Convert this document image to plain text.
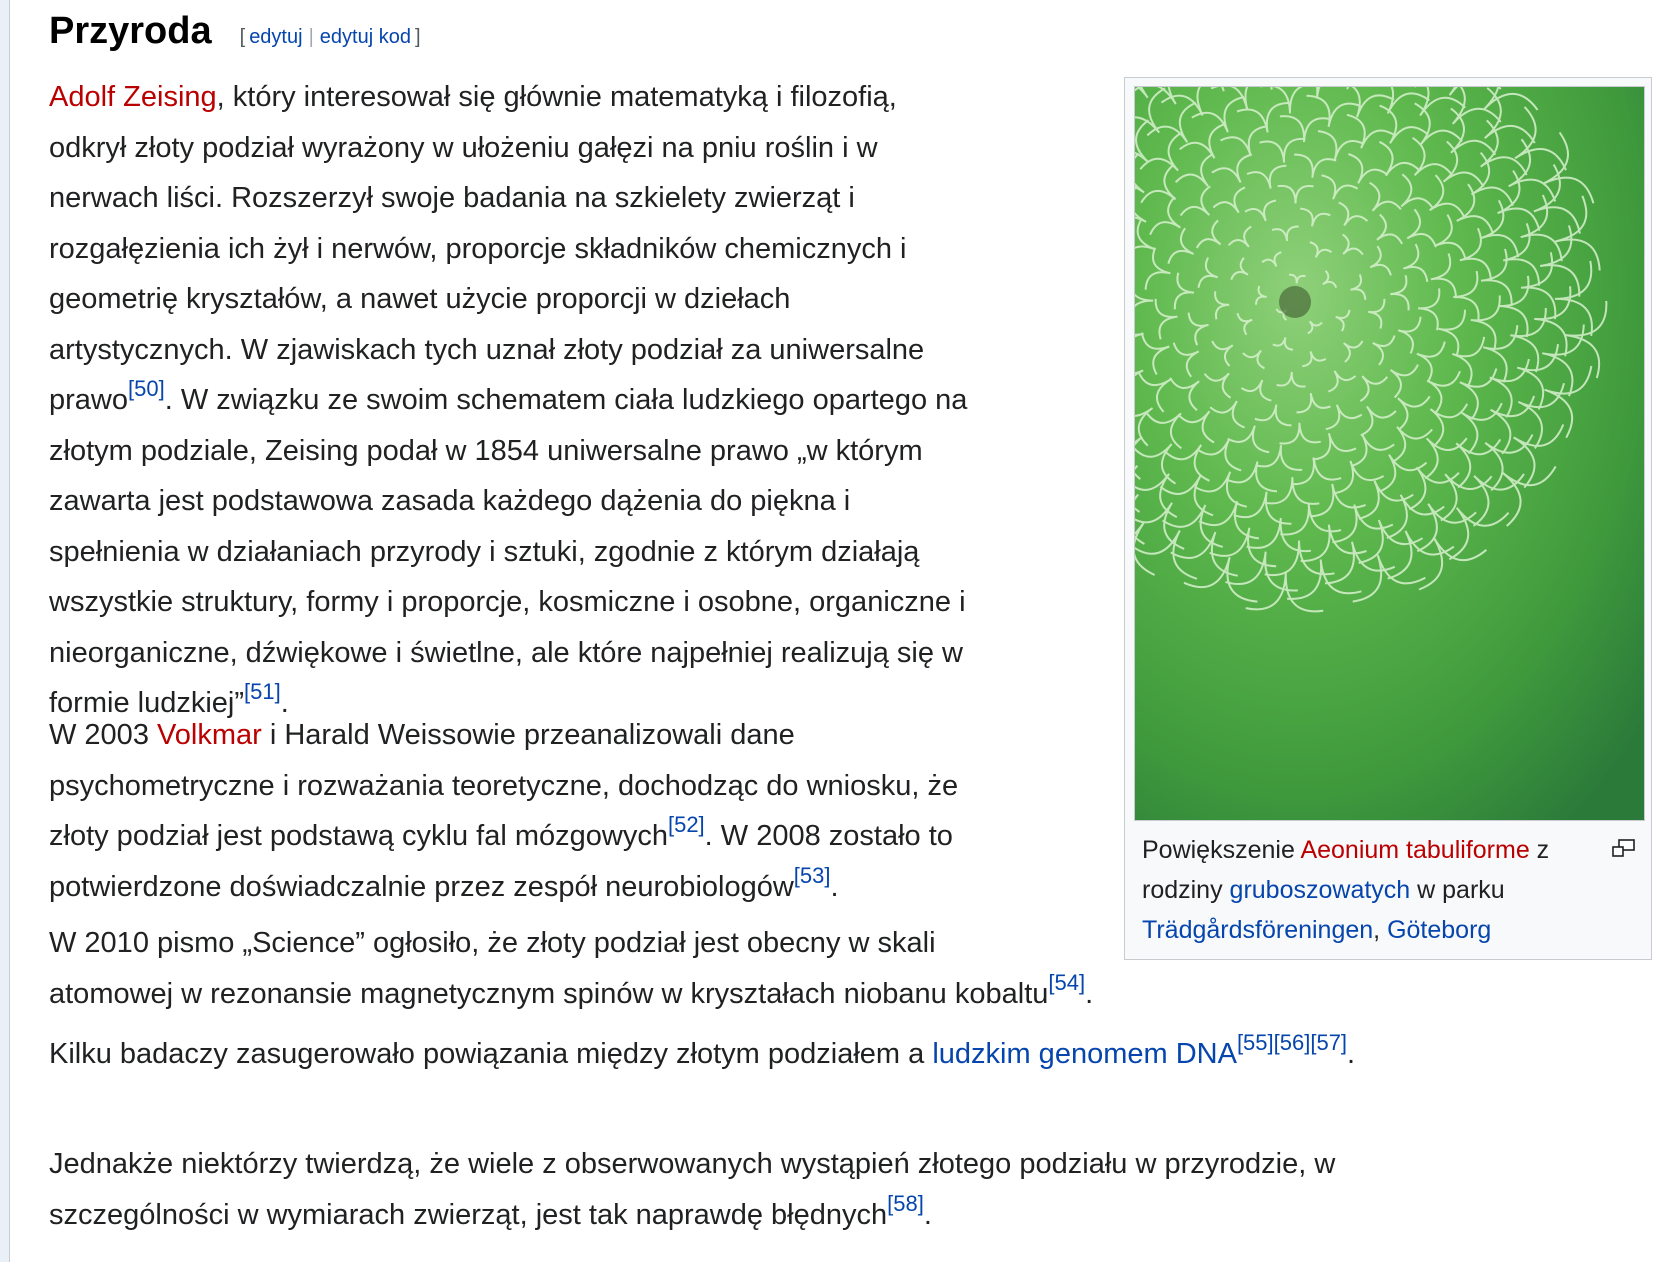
Przyroda [ edytuj | edytuj kod ]
Adolf Zeising, który interesował się głównie matematyką i filozofią,
odkrył złoty podział wyrażony w ułożeniu gałęzi na pniu roślin i w
nerwach liści. Rozszerzył swoje badania na szkielety zwierząt i
rozgałęzienia ich żył i nerwów, proporcje składników chemicznych i
geometrię kryształów, a nawet użycie proporcji w dziełach
artystycznych. W zjawiskach tych uznał złoty podział za uniwersalne
prawo[50]. W związku ze swoim schematem ciała ludzkiego opartego na
złotym podziale, Zeising podał w 1854 uniwersalne prawo „w którym
zawarta jest podstawowa zasada każdego dążenia do piękna i
spełnienia w działaniach przyrody i sztuki, zgodnie z którym działają
wszystkie struktury, formy i proporcje, kosmiczne i osobne, organiczne i
nieorganiczne, dźwiękowe i świetlne, ale które najpełniej realizują się w
formie ludzkiej”[51].
W 2003 Volkmar i Harald Weissowie przeanalizowali dane
psychometryczne i rozważania teoretyczne, dochodząc do wniosku, że
złoty podział jest podstawą cyklu fal mózgowych[52]. W 2008 zostało to
potwierdzone doświadczalnie przez zespół neurobiologów[53].
W 2010 pismo „Science” ogłosiło, że złoty podział jest obecny w skali
atomowej w rezonansie magnetycznym spinów w kryształach niobanu kobaltu[54].
Kilku badaczy zasugerowało powiązania między złotym podziałem a ludzkim genomem DNA[55][56][57].
Jednakże niektórzy twierdzą, że wiele z obserwowanych wystąpień złotego podziału w przyrodzie, w
szczególności w wymiarach zwierząt, jest tak naprawdę błędnych[58].
Powiększenie Aeonium tabuliforme z
rodziny gruboszowatych w parku
Trädgårdsföreningen, Göteborg
